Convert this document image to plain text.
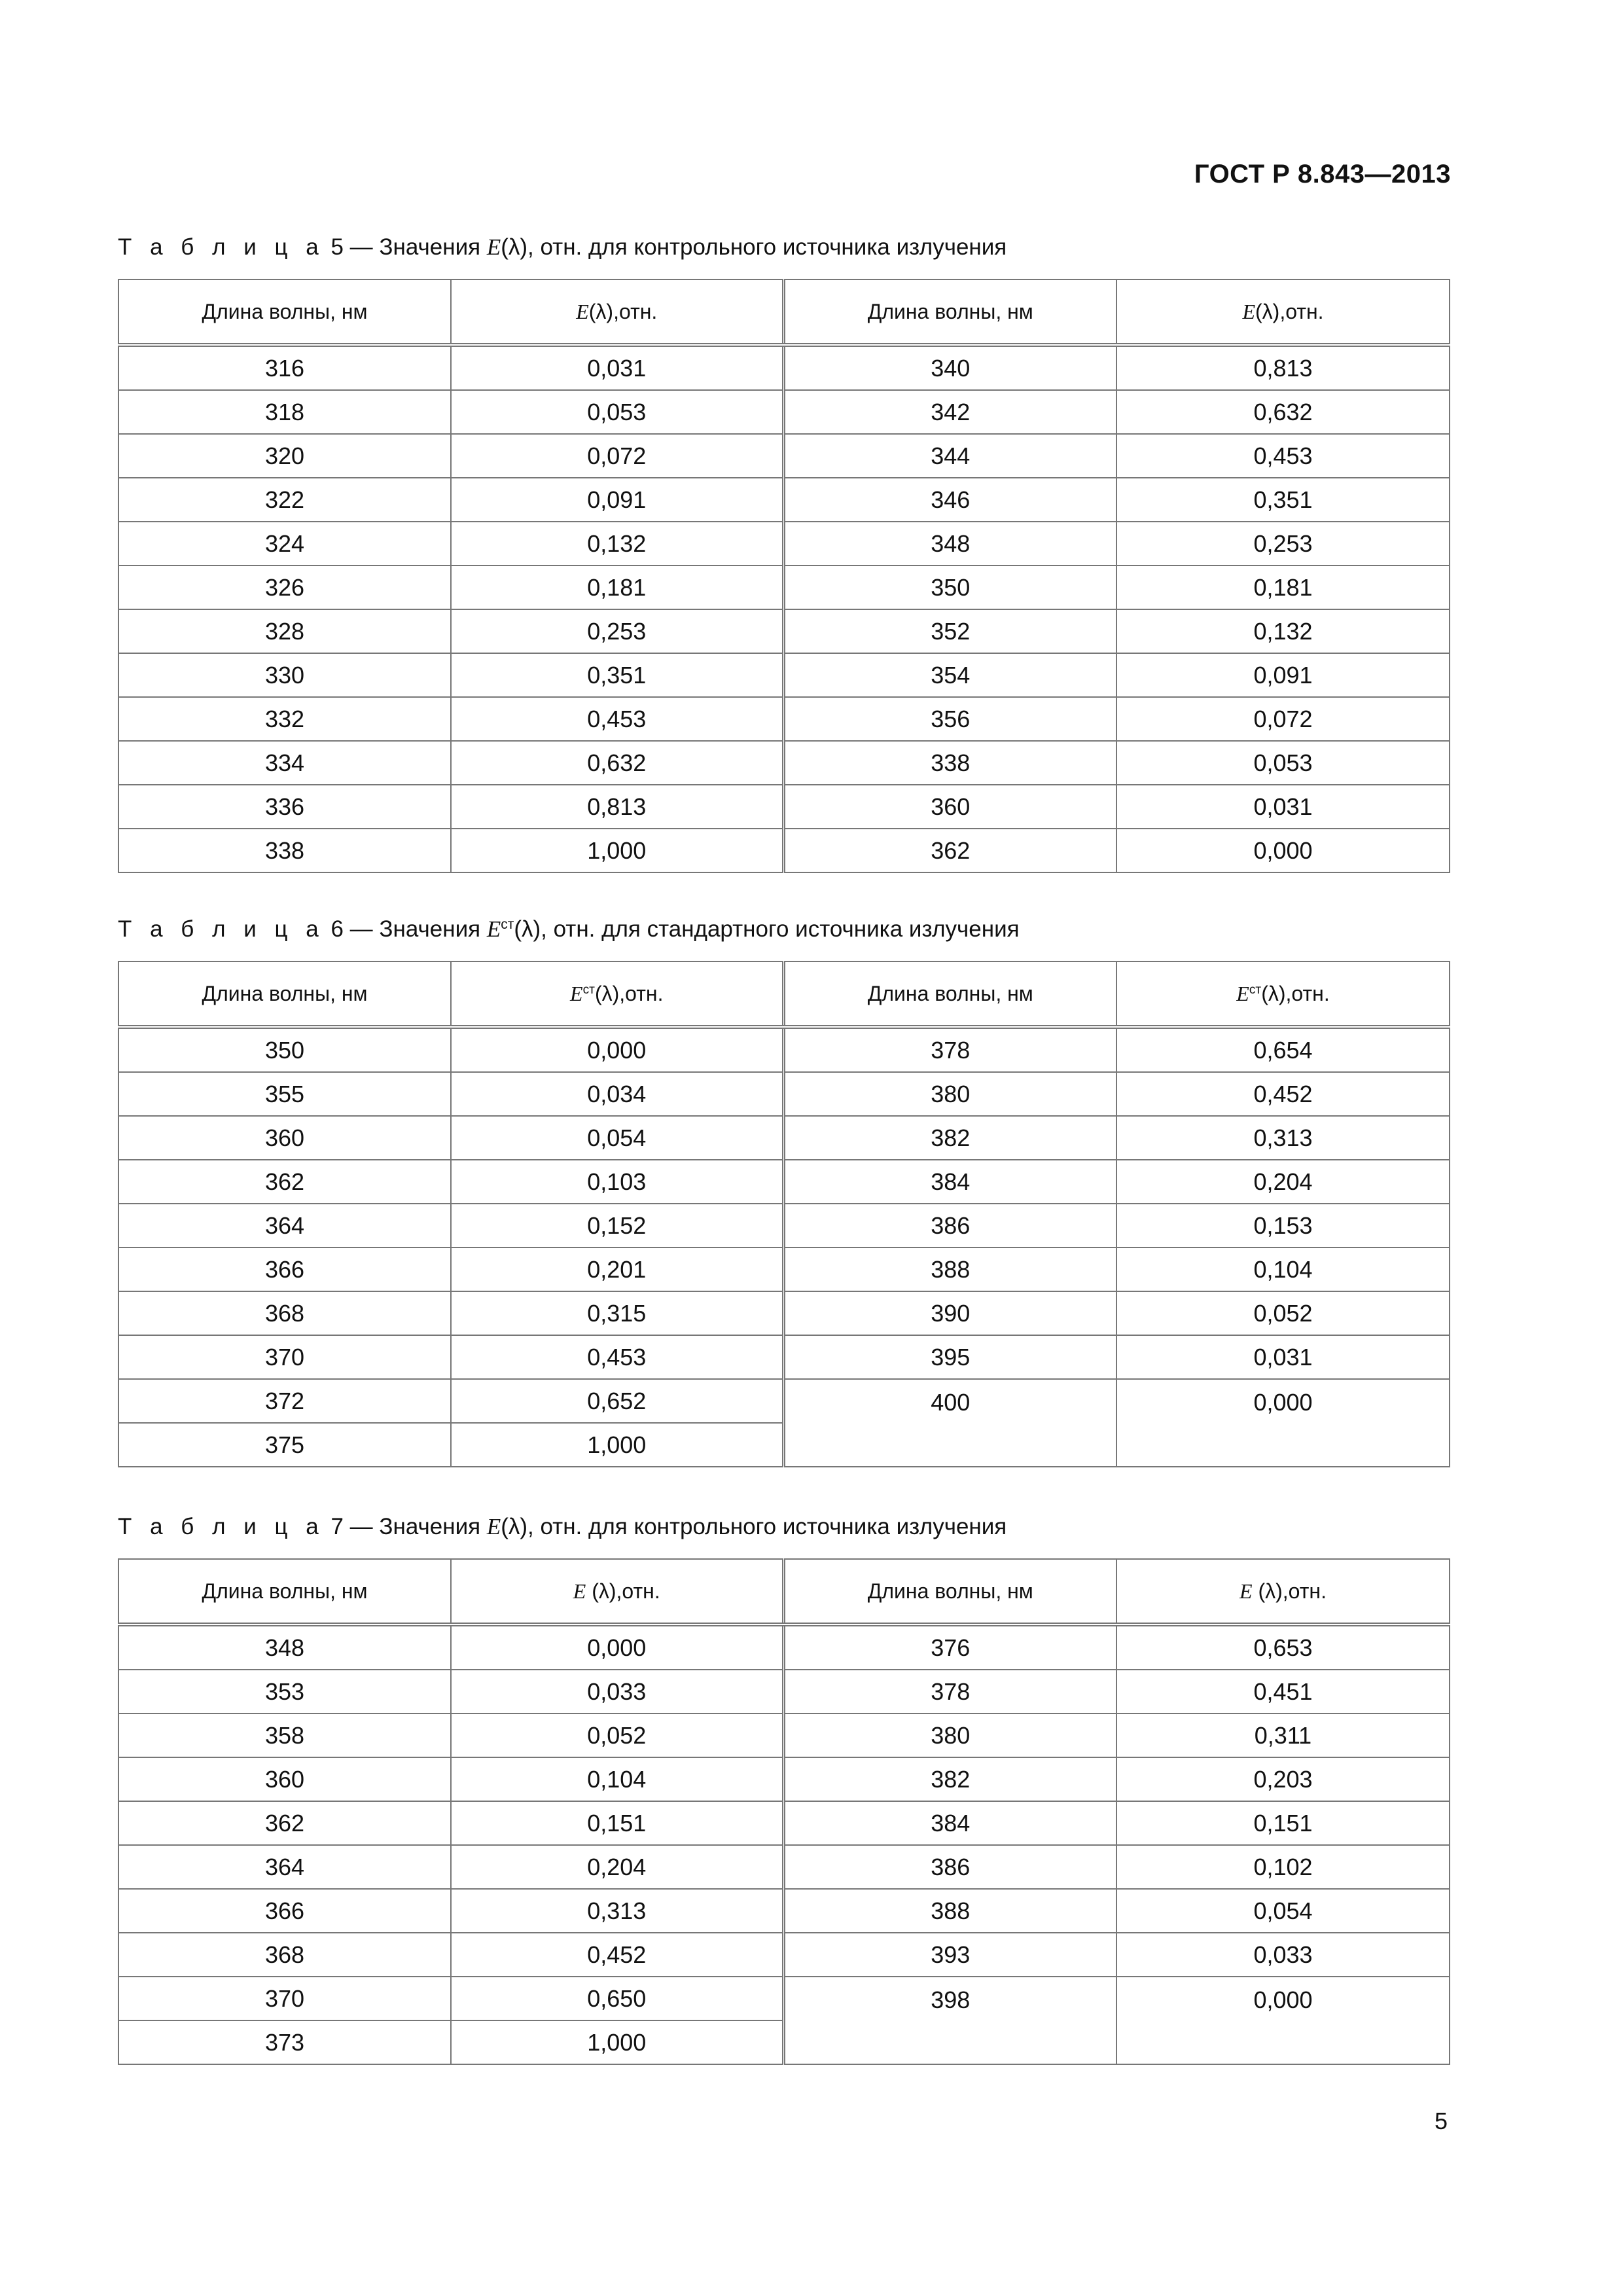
ГОСТ Р 8.843—2013
Т а б л и ц а 5 — Значения E(λ), отн. для контрольного источника излучения
Длина волны, нм	E(λ),отн.	Длина волны, нм	E(λ),отн.
316	0,031	340	0,813
318	0,053	342	0,632
320	0,072	344	0,453
322	0,091	346	0,351
324	0,132	348	0,253
326	0,181	350	0,181
328	0,253	352	0,132
330	0,351	354	0,091
332	0,453	356	0,072
334	0,632	338	0,053
336	0,813	360	0,031
338	1,000	362	0,000
Т а б л и ц а 6 — Значения $E^{ст}(\lambda)$, отн. для стандартного источника излучения
Длина волны, нм	$E^{ст}(\lambda),отн$.	Длина волны, нм	$E^{ст}(\lambda),отн$.
350	0,000	378	0,654
355	0,034	380	0,452
360	0,054	382	0,313
362	0,103	384	0,204
364	0,152	386	0,153
366	0,201	388	0,104
368	0,315	390	0,052
370	0,453	395	0,031
372	0,652	400	0,000
375	1,000		
Т а б л и ц а 7 — Значения E(λ), отн. для контрольного источника излучения
Длина волны, нм	E (λ),отн.	Длина волны, нм	E (λ),отн.
348	0,000	376	0,653
353	0,033	378	0,451
358	0,052	380	0,311
360	0,104	382	0,203
362	0,151	384	0,151
364	0,204	386	0,102
366	0,313	388	0,054
368	0,452	393	0,033
370	0,650	398	0,000
373	1,000		
5
